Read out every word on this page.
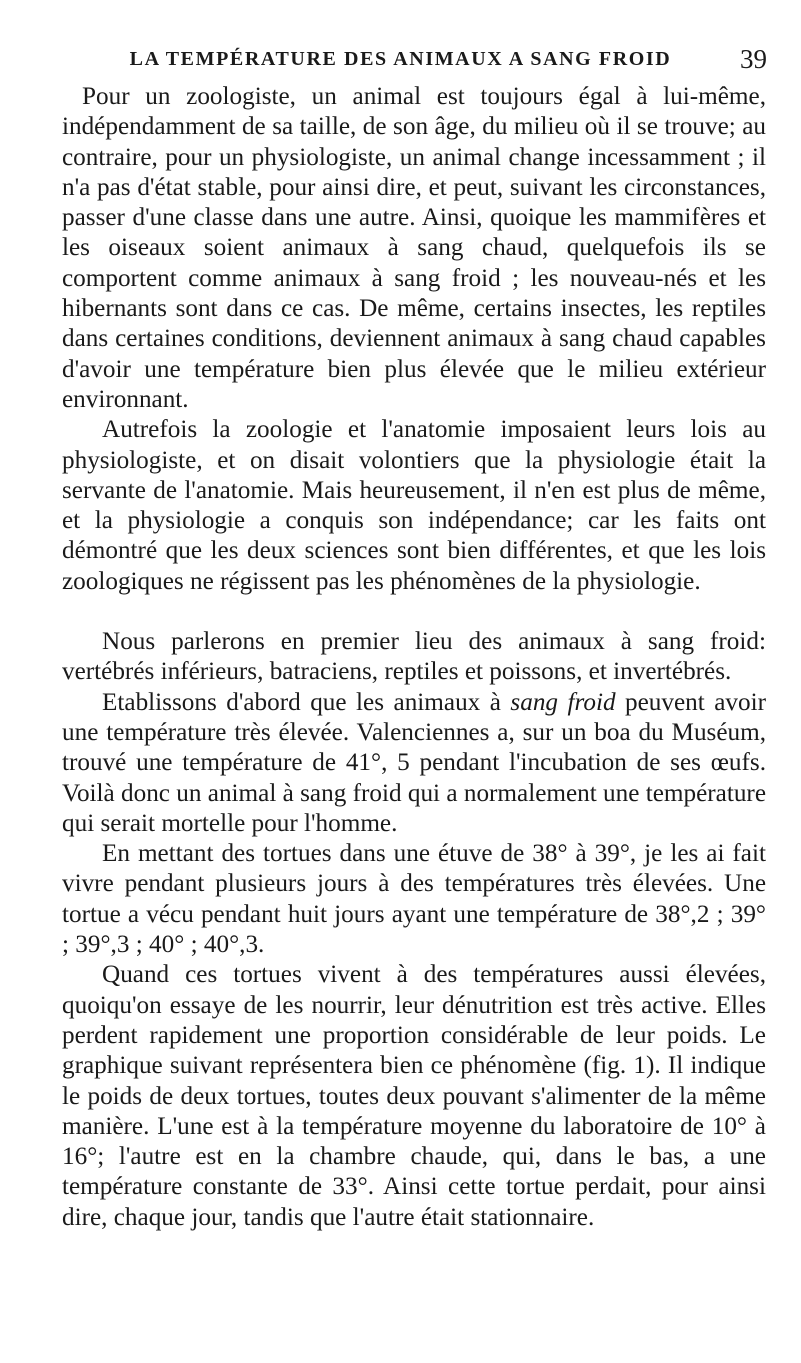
LA TEMPÉRATURE DES ANIMAUX A SANG FROID	39

Pour un zoologiste, un animal est toujours égal à lui-même, indépendamment de sa taille, de son âge, du milieu où il se trouve; au contraire, pour un physiologiste, un animal change incessamment ; il n'a pas d'état stable, pour ainsi dire, et peut, suivant les circonstances, passer d'une classe dans une autre. Ainsi, quoique les mammifères et les oiseaux soient animaux à sang chaud, quelquefois ils se comportent comme animaux à sang froid ; les nouveau-nés et les hibernants sont dans ce cas. De même, certains insectes, les reptiles dans certaines conditions, deviennent animaux à sang chaud capables d'avoir une température bien plus élevée que le milieu extérieur environnant.

Autrefois la zoologie et l'anatomie imposaient leurs lois au physiologiste, et on disait volontiers que la physiologie était la servante de l'anatomie. Mais heureusement, il n'en est plus de même, et la physiologie a conquis son indépendance; car les faits ont démontré que les deux sciences sont bien différentes, et que les lois zoologiques ne régissent pas les phénomènes de la physiologie.

Nous parlerons en premier lieu des animaux à sang froid: vertébrés inférieurs, batraciens, reptiles et poissons, et invertébrés.

Etablissons d'abord que les animaux à sang froid peuvent avoir une température très élevée. Valenciennes a, sur un boa du Muséum, trouvé une température de 41°, 5 pendant l'incubation de ses œufs. Voilà donc un animal à sang froid qui a normalement une température qui serait mortelle pour l'homme.

En mettant des tortues dans une étuve de 38° à 39°, je les ai fait vivre pendant plusieurs jours à des températures très élevées. Une tortue a vécu pendant huit jours ayant une température de 38°,2 ; 39° ; 39°,3 ; 40° ; 40°,3.

Quand ces tortues vivent à des températures aussi élevées, quoiqu'on essaye de les nourrir, leur dénutrition est très active. Elles perdent rapidement une proportion considérable de leur poids. Le graphique suivant représentera bien ce phénomène (fig. 1). Il indique le poids de deux tortues, toutes deux pouvant s'alimenter de la même manière. L'une est à la température moyenne du laboratoire de 10° à 16°; l'autre est en la chambre chaude, qui, dans le bas, a une température constante de 33°. Ainsi cette tortue perdait, pour ainsi dire, chaque jour, tandis que l'autre était stationnaire.
